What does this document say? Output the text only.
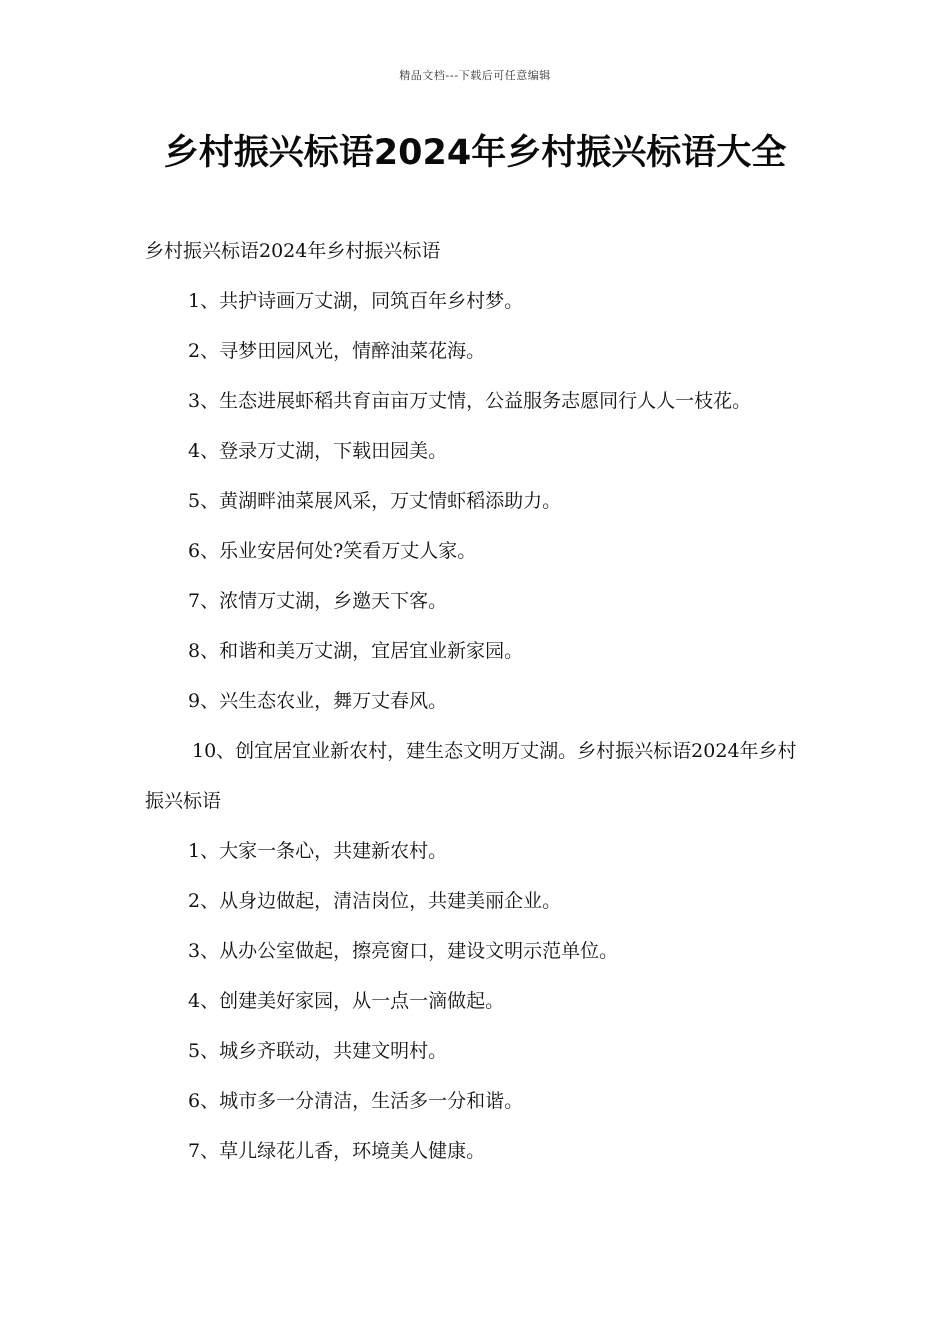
精品文档---下载后可任意编辑
乡村振兴标语2024年乡村振兴标语大全

乡村振兴标语2024年乡村振兴标语

1、共护诗画万丈湖，同筑百年乡村梦。

2、寻梦田园风光，情醉油菜花海。

3、生态进展虾稻共育亩亩万丈情，公益服务志愿同行人人一枝花。

4、登录万丈湖，下载田园美。

5、黄湖畔油菜展风采，万丈情虾稻添助力。

6、乐业安居何处?笑看万丈人家。

7、浓情万丈湖，乡邀天下客。

8、和谐和美万丈湖，宜居宜业新家园。

9、兴生态农业，舞万丈春风。

10、创宜居宜业新农村，建生态文明万丈湖。乡村振兴标语2024年乡村振兴标语

1、大家一条心，共建新农村。

2、从身边做起，清洁岗位，共建美丽企业。

3、从办公室做起，擦亮窗口，建设文明示范单位。

4、创建美好家园，从一点一滴做起。

5、城乡齐联动，共建文明村。

6、城市多一分清洁，生活多一分和谐。

7、草儿绿花儿香，环境美人健康。
